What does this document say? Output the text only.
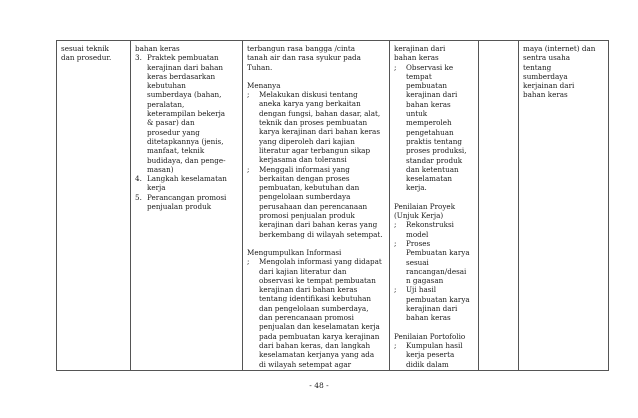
sesuai teknik
dan prosedur.

bahan keras
3. Praktek pembuatan
kerajinan dari bahan
keras berdasarkan
kebutuhan
sumberdaya (bahan,
peralatan,
keterampilan bekerja
& pasar) dan
prosedur yang
ditetapkannya (jenis,
manfaat, teknik
budidaya, dan penge-
masan)
4. Langkah keselamatan
kerja
5. Perancangan promosi
penjualan produk

terbangun rasa bangga /cinta
tanah air dan rasa syukur pada
Tuhan.
Menanya
;	Melakukan diskusi tentang
aneka karya yang berkaitan
dengan fungsi, bahan dasar, alat,
teknik dan proses pembuatan
karya kerajinan dari bahan keras
yang diperoleh dari kajian
literatur agar terbangun sikap
kerjasama dan toleransi
;	Menggali informasi yang
berkaitan dengan proses
pembuatan, kebutuhan dan
pengelolaan sumberdaya
perusahaan dan perencanaan
promosi penjualan produk
kerajinan dari bahan keras yang
berkembang di wilayah setempat.
Mengumpulkan Informasi
;	Mengolah informasi yang didapat
dari kajian literatur dan
observasi ke tempat pembuatan
kerajinan dari bahan keras
tentang identifikasi kebutuhan
dan pengelolaan sumberdaya,
dan perencanaan promosi
penjualan dan keselamatan kerja
pada pembuatan karya kerajinan
dari bahan keras, dan langkah
keselamatan kerjanya yang ada
di wilayah setempat agar

kerajinan dari
bahan keras
;	Observasi ke
tempat
pembuatan
kerajinan dari
bahan keras
untuk
memperoleh
pengetahuan
praktis tentang
proses produksi,
standar produk
dan ketentuan
keselamatan
kerja.
Penilaian Proyek
(Unjuk Kerja)
;	Rekonstruksi
model
;	Proses
Pembuatan karya
sesuai
rancangan/desai
n gagasan
;	Uji hasil
pembuatan karya
kerajinan dari
bahan keras
Penilaian Portofolio
;	Kumpulan hasil
kerja peserta
didik dalam

maya (internet) dan
sentra usaha
tentang
sumberdaya
kerjainan dari
bahan keras
- 48 -
